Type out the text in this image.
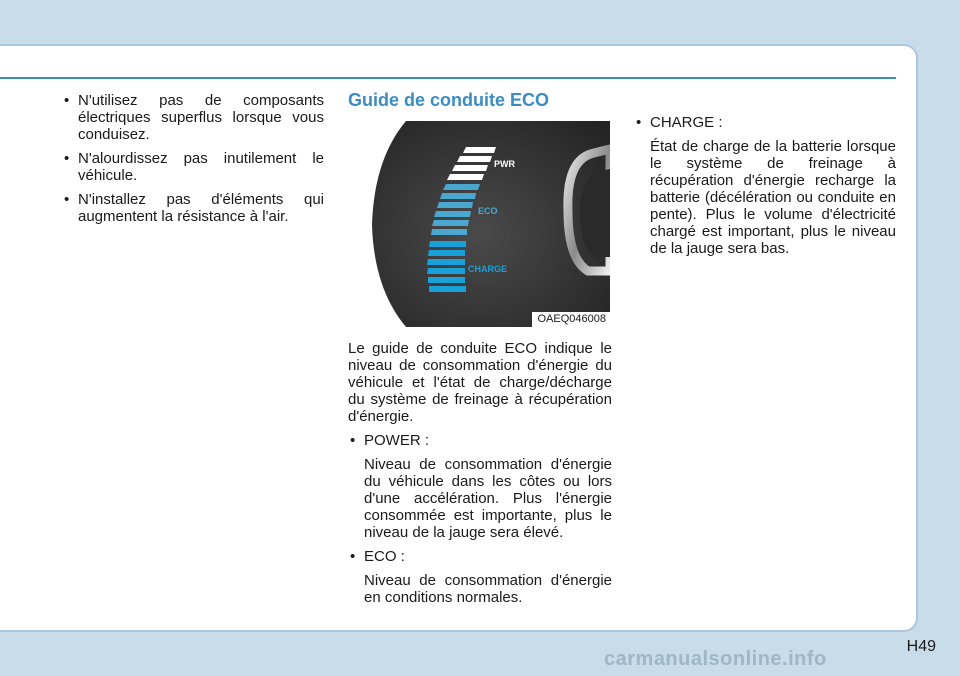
• N'utilisez pas de composants électriques superflus lorsque vous conduisez.
• N'alourdissez pas inutilement le véhicule.
• N'installez pas d'éléments qui augmentent la résistance à l'air.
Guide de conduite ECO
PWR
ECO
CHARGE
OAEQ046008
Le guide de conduite ECO indique le niveau de consommation d'énergie du véhicule et l'état de charge/décharge du système de freinage à récupération d'énergie.
• POWER :
Niveau de consommation d'énergie du véhicule dans les côtes ou lors d'une accélération. Plus l'énergie consommée est importante, plus le niveau de la jauge sera élevé.
• ECO :
Niveau de consommation d'énergie en conditions normales.
• CHARGE :
État de charge de la batterie lorsque le système de freinage à récupération d'énergie recharge la batterie (décélération ou conduite en pente). Plus le volume d'électricité chargé est important, plus le niveau de la jauge sera bas.
H49
carmanualsonline.info
